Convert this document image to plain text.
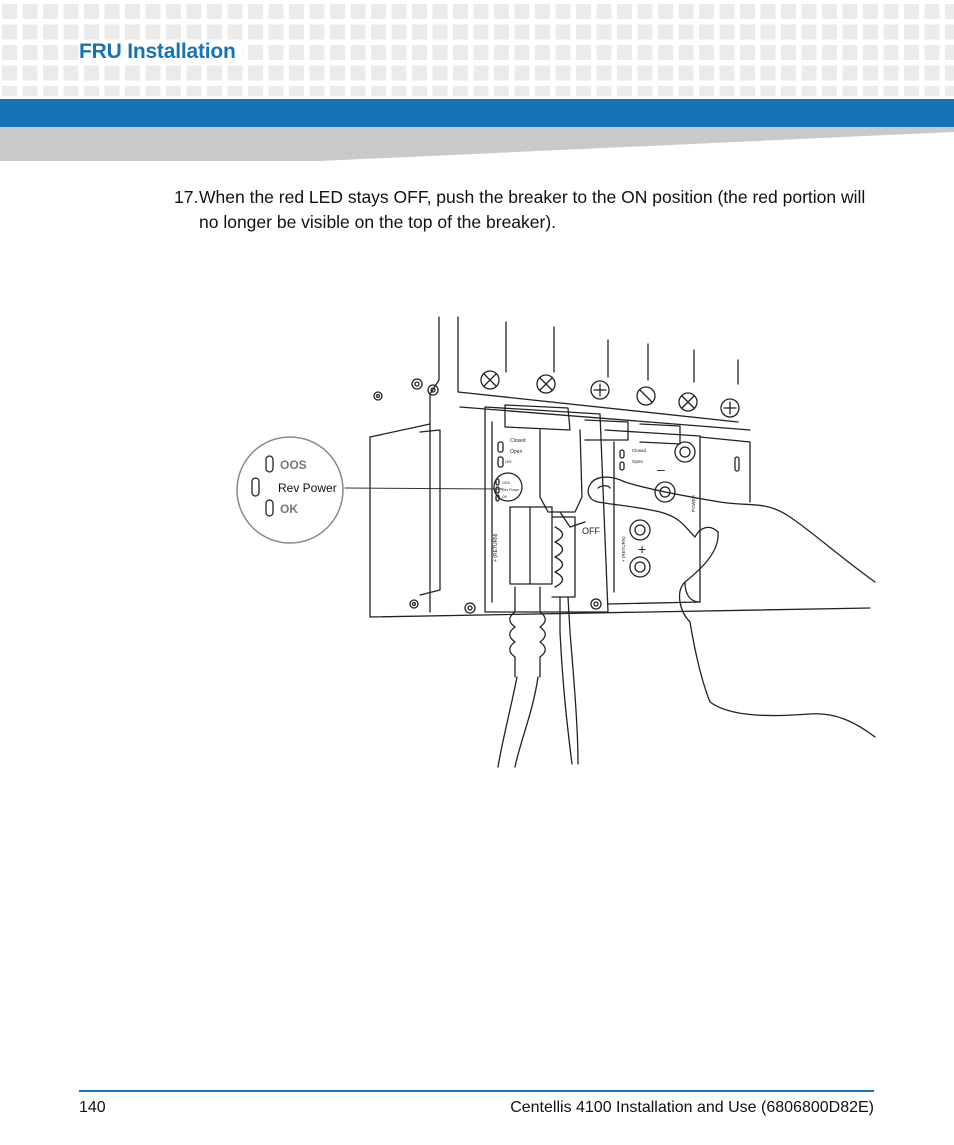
FRU Installation
17. When the red LED stays OFF, push the breaker to the ON position (the red portion will no longer be visible on the top of the breaker).
Closed
Open
H/S
OOS
Rev Power
OK
+ (RETURN)
OFF
Closed
Open –
+
+ (RETURN)
POWER
OOS
Rev Power
OK
140	Centellis 4100 Installation and Use (6806800D82E)
